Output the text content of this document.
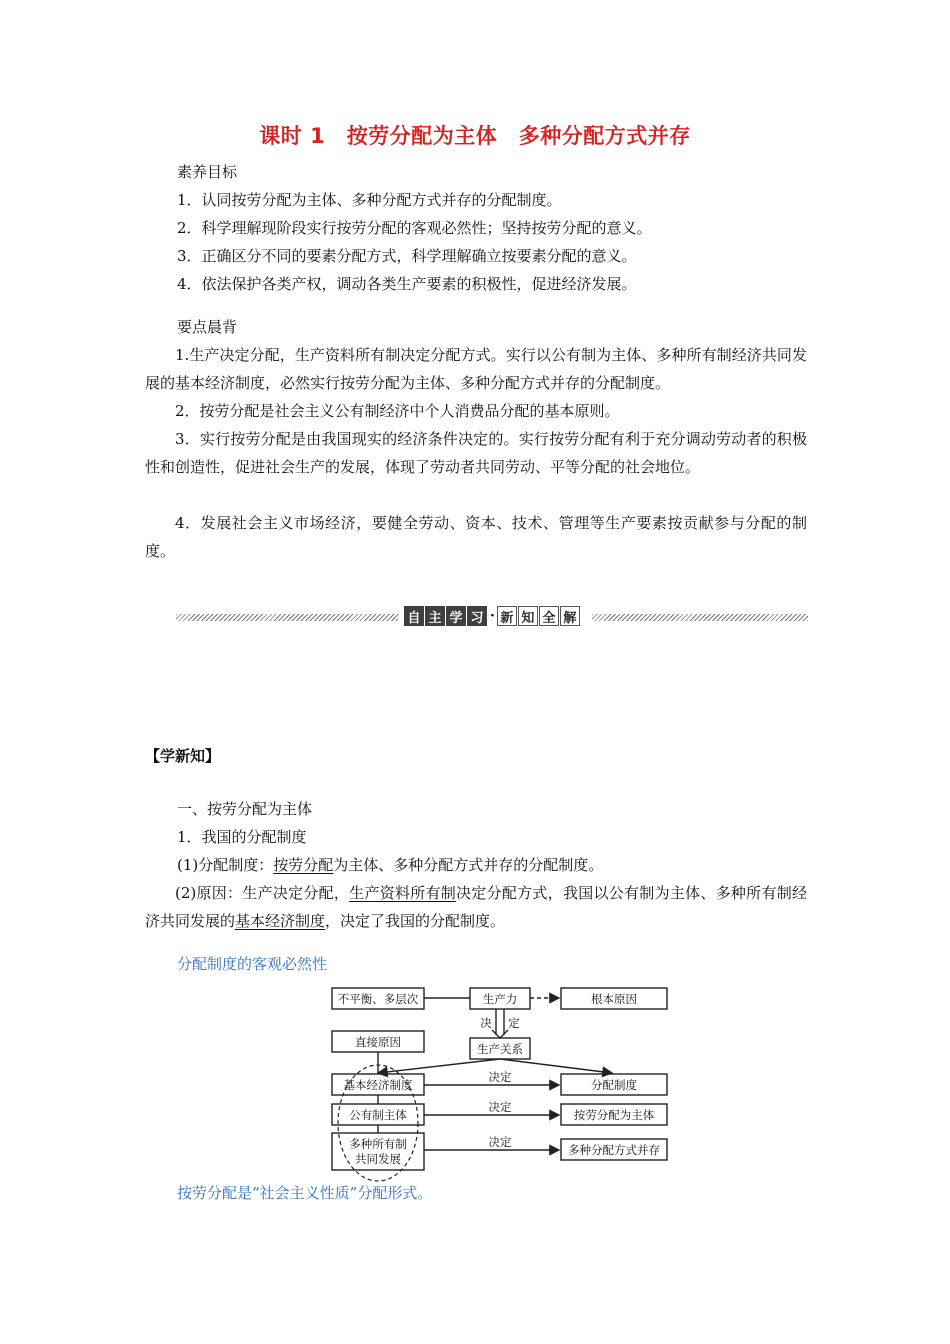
课时 1　按劳分配为主体　多种分配方式并存
素养目标
1．认同按劳分配为主体、多种分配方式并存的分配制度。
2．科学理解现阶段实行按劳分配的客观必然性；坚持按劳分配的意义。
3．正确区分不同的要素分配方式，科学理解确立按要素分配的意义。
4．依法保护各类产权，调动各类生产要素的积极性，促进经济发展。
要点晨背
1.生产决定分配，生产资料所有制决定分配方式。实行以公有制为主体、多种所有制经济共同发展的基本经济制度，必然实行按劳分配为主体、多种分配方式并存的分配制度。
2．按劳分配是社会主义公有制经济中个人消费品分配的基本原则。
3．实行按劳分配是由我国现实的经济条件决定的。实行按劳分配有利于充分调动劳动者的积极性和创造性，促进社会生产的发展，体现了劳动者共同劳动、平等分配的社会地位。
4．发展社会主义市场经济，要健全劳动、资本、技术、管理等生产要素按贡献参与分配的制度。
自 主 学 习 · 新 知 全 解
【学新知】
一、按劳分配为主体
1．我国的分配制度
(1)分配制度：按劳分配为主体、多种分配方式并存的分配制度。
(2)原因：生产决定分配，生产资料所有制决定分配方式，我国以公有制为主体、多种所有制经济共同发展的基本经济制度，决定了我国的分配制度。
分配制度的客观必然性
不平衡、多层次	生产力	根本原因
直接原因	生产关系
基本经济制度	分配制度
公有制主体	按劳分配为主体
多种所有制
共同发展
多种分配方式并存
决 定
决定
决定
决定
按劳分配是“社会主义性质”分配形式。
